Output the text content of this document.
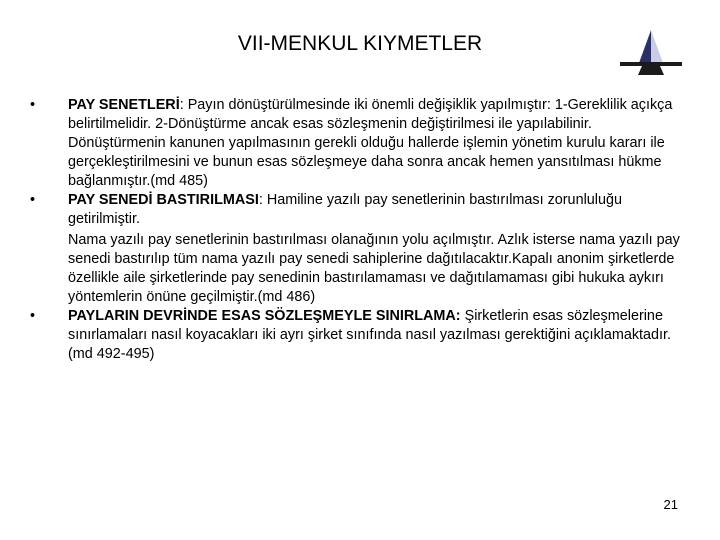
VII-MENKUL KIYMETLER
•	PAY SENETLERİ: Payın dönüştürülmesinde iki önemli değişiklik yapılmıştır: 1-Gereklilik açıkça belirtilmelidir. 2-Dönüştürme ancak esas sözleşmenin değiştirilmesi ile yapılabilinir.

Dönüştürmenin kanunen yapılmasının gerekli olduğu hallerde işlemin yönetim kurulu kararı ile gerçekleştirilmesini ve bunun esas sözleşmeye daha sonra ancak hemen yansıtılması hükme bağlanmıştır.(md 485)

•	PAY SENEDİ BASTIRILMASI: Hamiline yazılı pay senetlerinin bastırılması zorunluluğu getirilmiştir.

Nama yazılı pay senetlerinin bastırılması olanağının yolu açılmıştır. Azlık isterse nama yazılı pay senedi bastırılıp tüm nama yazılı pay senedi sahiplerine dağıtılacaktır.Kapalı anonim şirketlerde özellikle aile şirketlerinde pay senedinin bastırılamaması ve dağıtılamaması gibi hukuka aykırı yöntemlerin önüne geçilmiştir.(md 486)

•	PAYLARIN DEVRİNDE ESAS SÖZLEŞMEYLE SINIRLAMA: Şirketlerin esas sözleşmelerine sınırlamaları nasıl koyacakları iki ayrı şirket sınıfında nasıl yazılması gerektiğini açıklamaktadır.(md 492-495)

21
